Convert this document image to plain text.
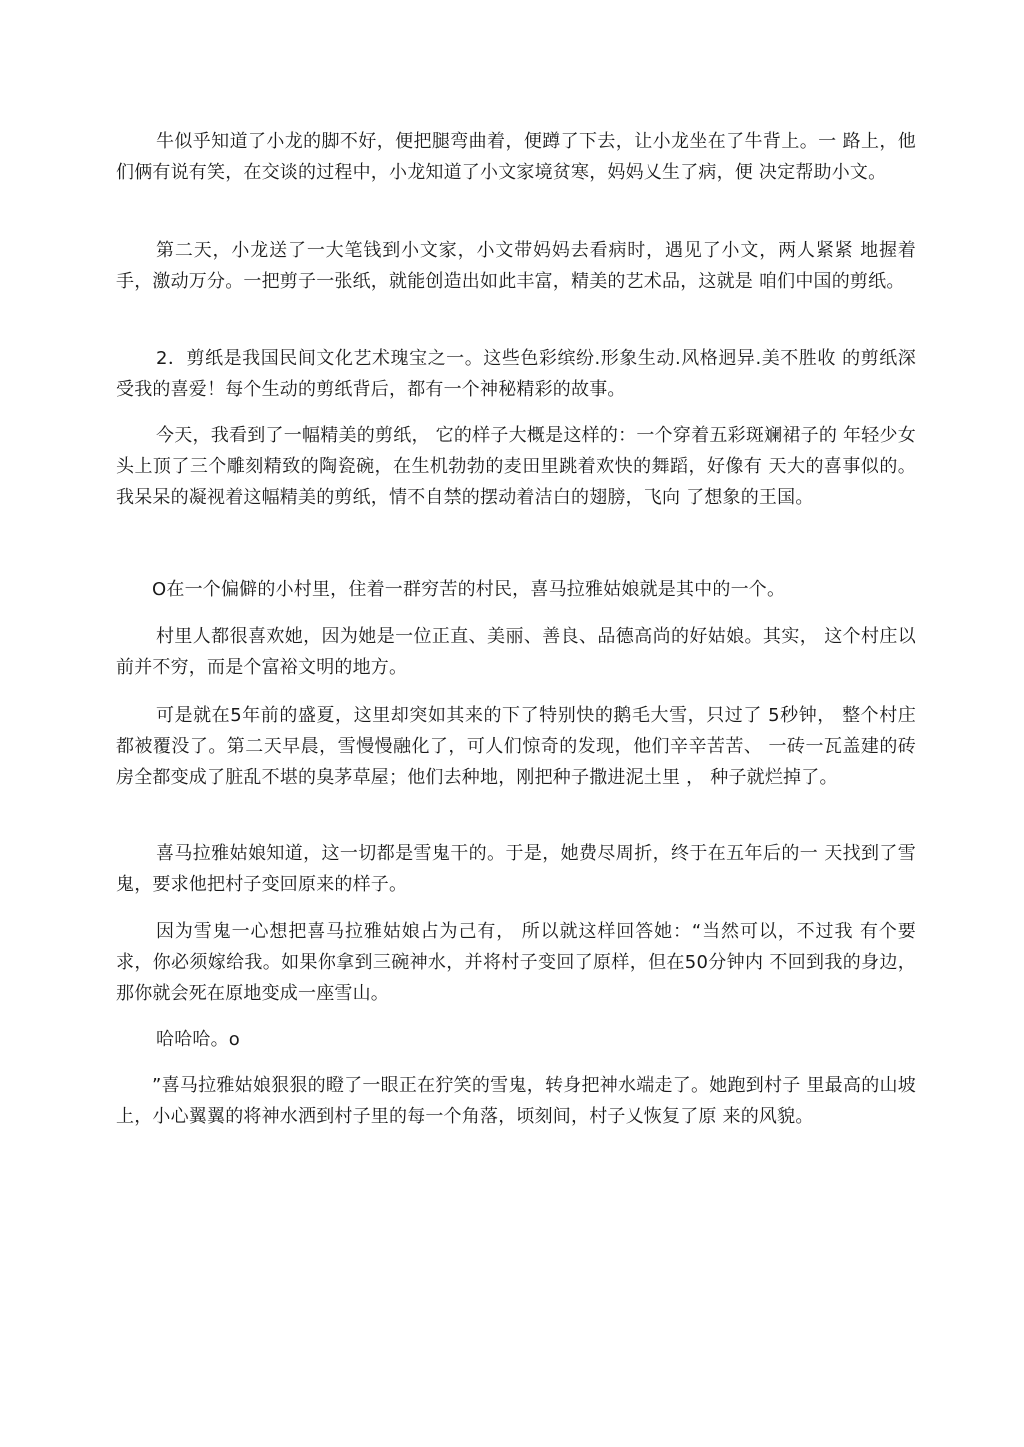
牛似乎知道了小龙的脚不好，便把腿弯曲着，便蹲了下去，让小龙坐在了牛背上。一 路上，他们俩有说有笑，在交谈的过程中，小龙知道了小文家境贫寒，妈妈乂生了病，便 决定帮助小文。

第二天，小龙送了一大笔钱到小文家，小文带妈妈去看病时，遇见了小文，两人紧紧 地握着手，激动万分。一把剪子一张纸，就能创造出如此丰富，精美的艺术品，这就是 咱们中国的剪纸。

2．剪纸是我国民间文化艺术瑰宝之一。这些色彩缤纷.形象生动.风格迥异.美不胜收 的剪纸深受我的喜爱！每个生动的剪纸背后，都有一个神秘精彩的故事。

今天，我看到了一幅精美的剪纸， 它的样子大概是这样的：一个穿着五彩斑斓裙子的 年轻少女头上顶了三个雕刻精致的陶瓷碗，在生机勃勃的麦田里跳着欢快的舞蹈，好像有 天大的喜事似的。我呆呆的凝视着这幅精美的剪纸，情不自禁的摆动着洁白的翅膀，飞向 了想象的王国。

O在一个偏僻的小村里，住着一群穷苦的村民，喜马拉雅姑娘就是其中的一个。

村里人都很喜欢她，因为她是一位正直、美丽、善良、品德高尚的好姑娘。其实， 这个村庄以前并不穷，而是个富裕文明的地方。

可是就在5年前的盛夏，这里却突如其来的下了特别快的鹅毛大雪，只过了 5秒钟， 整个村庄都被覆没了。第二天早晨，雪慢慢融化了，可人们惊奇的发现，他们辛辛苦苦、 一砖一瓦盖建的砖房全都变成了脏乱不堪的臭茅草屋；他们去种地，刚把种子撒进泥土里 ， 种子就烂掉了。

喜马拉雅姑娘知道，这一切都是雪鬼干的。于是，她费尽周折，终于在五年后的一 天找到了雪鬼，要求他把村子变回原来的样子。

因为雪鬼一心想把喜马拉雅姑娘占为己有， 所以就这样回答她：“当然可以，不过我 有个要求，你必须嫁给我。如果你拿到三碗神水，并将村子变回了原样，但在50分钟内 不回到我的身边，那你就会死在原地变成一座雪山。

哈哈哈。o

”喜马拉雅姑娘狠狠的瞪了一眼正在狞笑的雪鬼，转身把神水端走了。她跑到村子 里最高的山坡上，小心翼翼的将神水洒到村子里的每一个角落，顷刻间，村子乂恢复了原 来的风貌。
